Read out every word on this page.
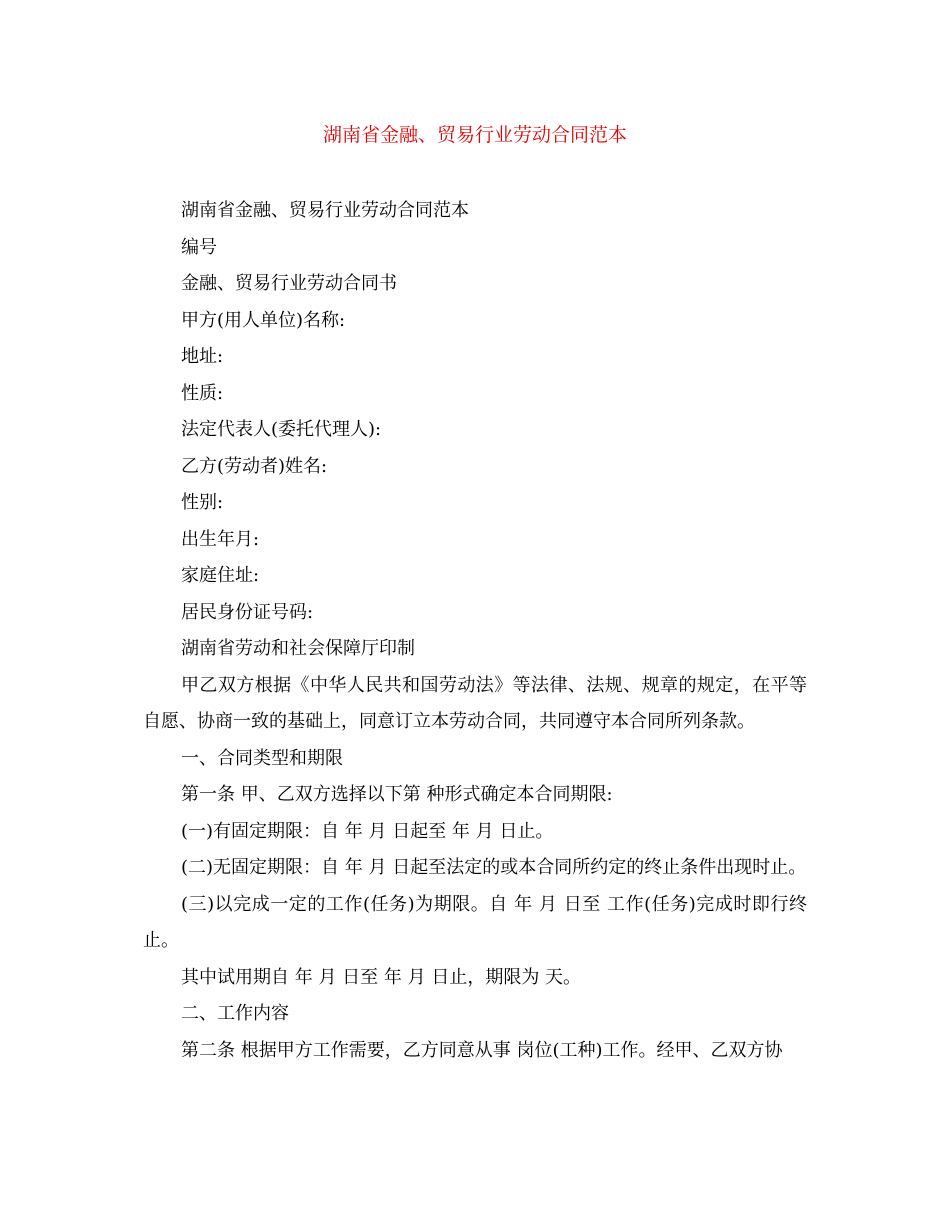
湖南省金融、贸易行业劳动合同范本

湖南省金融、贸易行业劳动合同范本

编号

金融、贸易行业劳动合同书

甲方(用人单位)名称:

地址:

性质:

法定代表人(委托代理人):

乙方(劳动者)姓名:

性别:

出生年月:

家庭住址:

居民身份证号码:

湖南省劳动和社会保障厅印制

甲乙双方根据《中华人民共和国劳动法》等法律、法规、规章的规定，在平等自愿、协商一致的基础上，同意订立本劳动合同，共同遵守本合同所列条款。

一、合同类型和期限

第一条 甲、乙双方选择以下第 种形式确定本合同期限:

(一)有固定期限：自 年 月 日起至 年 月 日止。

(二)无固定期限：自 年 月 日起至法定的或本合同所约定的终止条件出现时止。

(三)以完成一定的工作(任务)为期限。自 年 月 日至 工作(任务)完成时即行终止。

其中试用期自 年 月 日至 年 月 日止，期限为 天。

二、工作内容

第二条 根据甲方工作需要，乙方同意从事 岗位(工种)工作。经甲、乙双方协
